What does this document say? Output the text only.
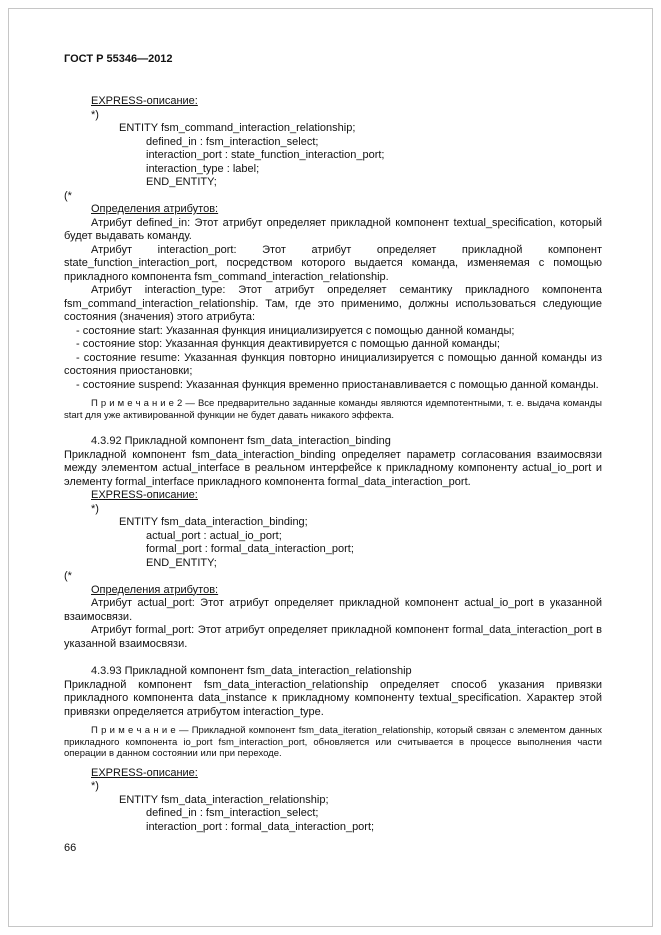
ГОСТ Р 55346—2012
EXPRESS-описание:
*)
ENTITY fsm_command_interaction_relationship;
defined_in : fsm_interaction_select;
interaction_port : state_function_interaction_port;
interaction_type : label;
END_ENTITY;
(*
Определения атрибутов:
Атрибут defined_in: Этот атрибут определяет прикладной компонент textual_specification, который будет выдавать команду.
Атрибут interaction_port: Этот атрибут определяет прикладной компонент state_function_interaction_port, посредством которого выдается команда, изменяемая с помощью прикладного компонента fsm_command_interaction_relationship.
Атрибут interaction_type: Этот атрибут определяет семантику прикладного компонента fsm_command_interaction_relationship. Там, где это применимо, должны использоваться следующие состояния (значения) этого атрибута:
- состояние start: Указанная функция инициализируется с помощью данной команды;
- состояние stop: Указанная функция деактивируется с помощью данной команды;
- состояние resume: Указанная функция повторно инициализируется с помощью данной команды из состояния приостановки;
- состояние suspend: Указанная функция временно приостанавливается с помощью данной команды.
П р и м е ч а н и е 2 — Все предварительно заданные команды являются идемпотентными, т. е. выдача команды start для уже активированной функции не будет давать никакого эффекта.
4.3.92 Прикладной компонент fsm_data_interaction_binding
Прикладной компонент fsm_data_interaction_binding определяет параметр согласования взаимосвязи между элементом actual_interface в реальном интерфейсе к прикладному компоненту actual_io_port и элементу formal_interface прикладного компонента formal_data_interaction_port.
EXPRESS-описание:
*)
ENTITY fsm_data_interaction_binding;
actual_port : actual_io_port;
formal_port : formal_data_interaction_port;
END_ENTITY;
(*
Определения атрибутов:
Атрибут actual_port: Этот атрибут определяет прикладной компонент actual_io_port в указанной взаимосвязи.
Атрибут formal_port: Этот атрибут определяет прикладной компонент formal_data_interaction_port в указанной взаимосвязи.
4.3.93 Прикладной компонент fsm_data_interaction_relationship
Прикладной компонент fsm_data_interaction_relationship определяет способ указания привязки прикладного компонента data_instance к прикладному компоненту textual_specification. Характер этой привязки определяется атрибутом interaction_type.
П р и м е ч а н и е — Прикладной компонент fsm_data_iteration_relationship, который связан с элементом данных прикладного компонента io_port fsm_interaction_port, обновляется или считывается в процессе выполнения части операции в данном состоянии или при переходе.
EXPRESS-описание:
*)
ENTITY fsm_data_interaction_relationship;
defined_in : fsm_interaction_select;
interaction_port : formal_data_interaction_port;
66
